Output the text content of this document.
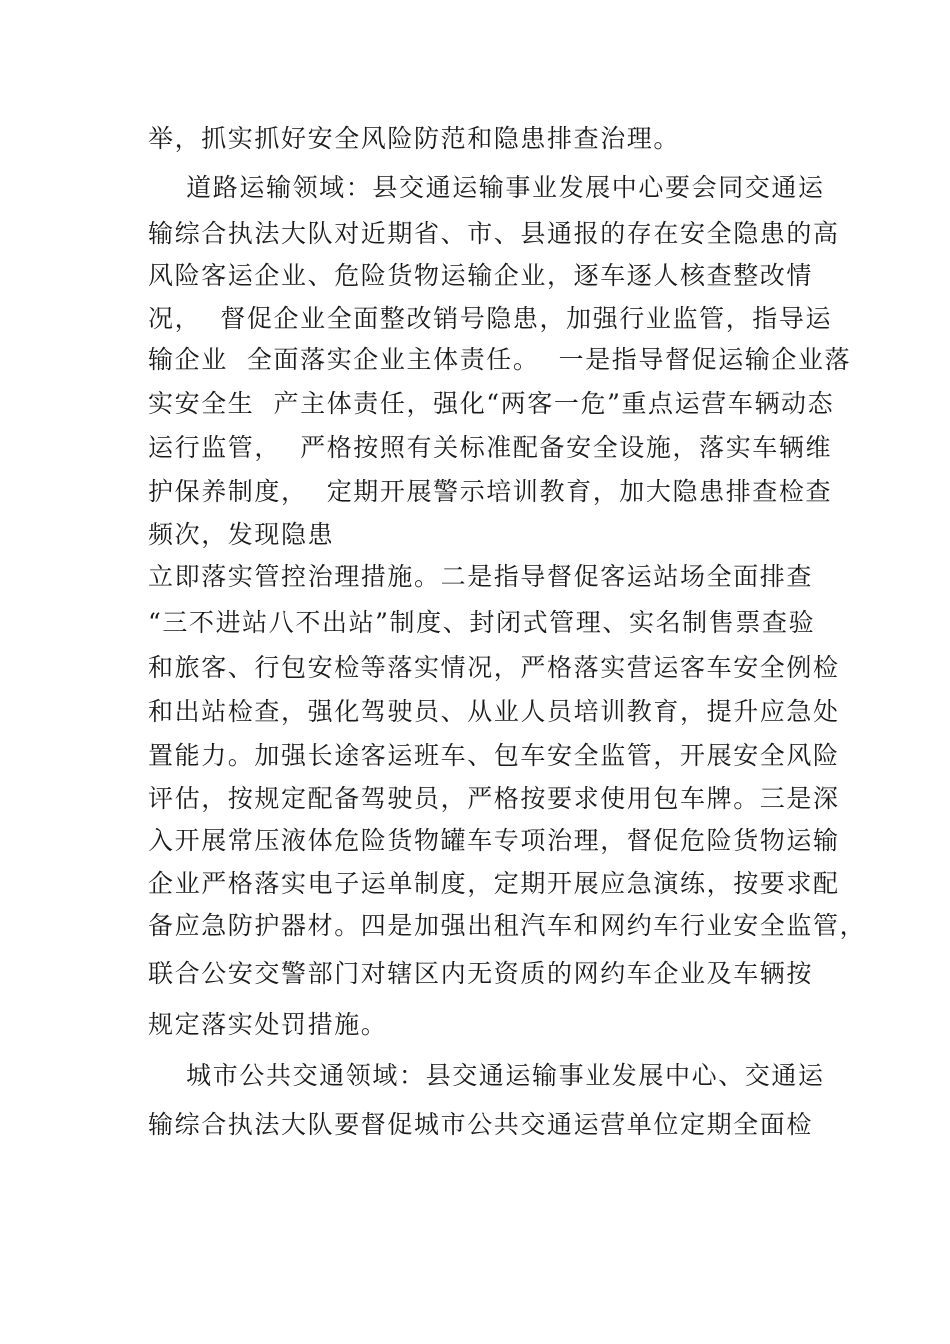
举，抓实抓好安全风险防范和隐患排查治理。
道路运输领域：县交通运输事业发展中心要会同交通运
输综合执法大队对近期省、市、县通报的存在安全隐患的高
风险客运企业、危险货物运输企业，逐车逐人核查整改情
况，  督促企业全面整改销号隐患，加强行业监管，指导运
输企业  全面落实企业主体责任。  一是指导督促运输企业落
实安全生  产主体责任，强化“两客一危”重点运营车辆动态
运行监管，  严格按照有关标准配备安全设施，落实车辆维
护保养制度，  定期开展警示培训教育，加大隐患排查检查
频次，发现隐患
立即落实管控治理措施。二是指导督促客运站场全面排查
“三不进站八不出站”制度、封闭式管理、实名制售票查验
和旅客、行包安检等落实情况，严格落实营运客车安全例检
和出站检查，强化驾驶员、从业人员培训教育，提升应急处
置能力。加强长途客运班车、包车安全监管，开展安全风险
评估，按规定配备驾驶员，严格按要求使用包车牌。三是深
入开展常压液体危险货物罐车专项治理，督促危险货物运输
企业严格落实电子运单制度，定期开展应急演练，按要求配
备应急防护器材。四是加强出租汽车和网约车行业安全监管，
联合公安交警部门对辖区内无资质的网约车企业及车辆按
规定落实处罚措施。
城市公共交通领域：县交通运输事业发展中心、交通运
输综合执法大队要督促城市公共交通运营单位定期全面检
